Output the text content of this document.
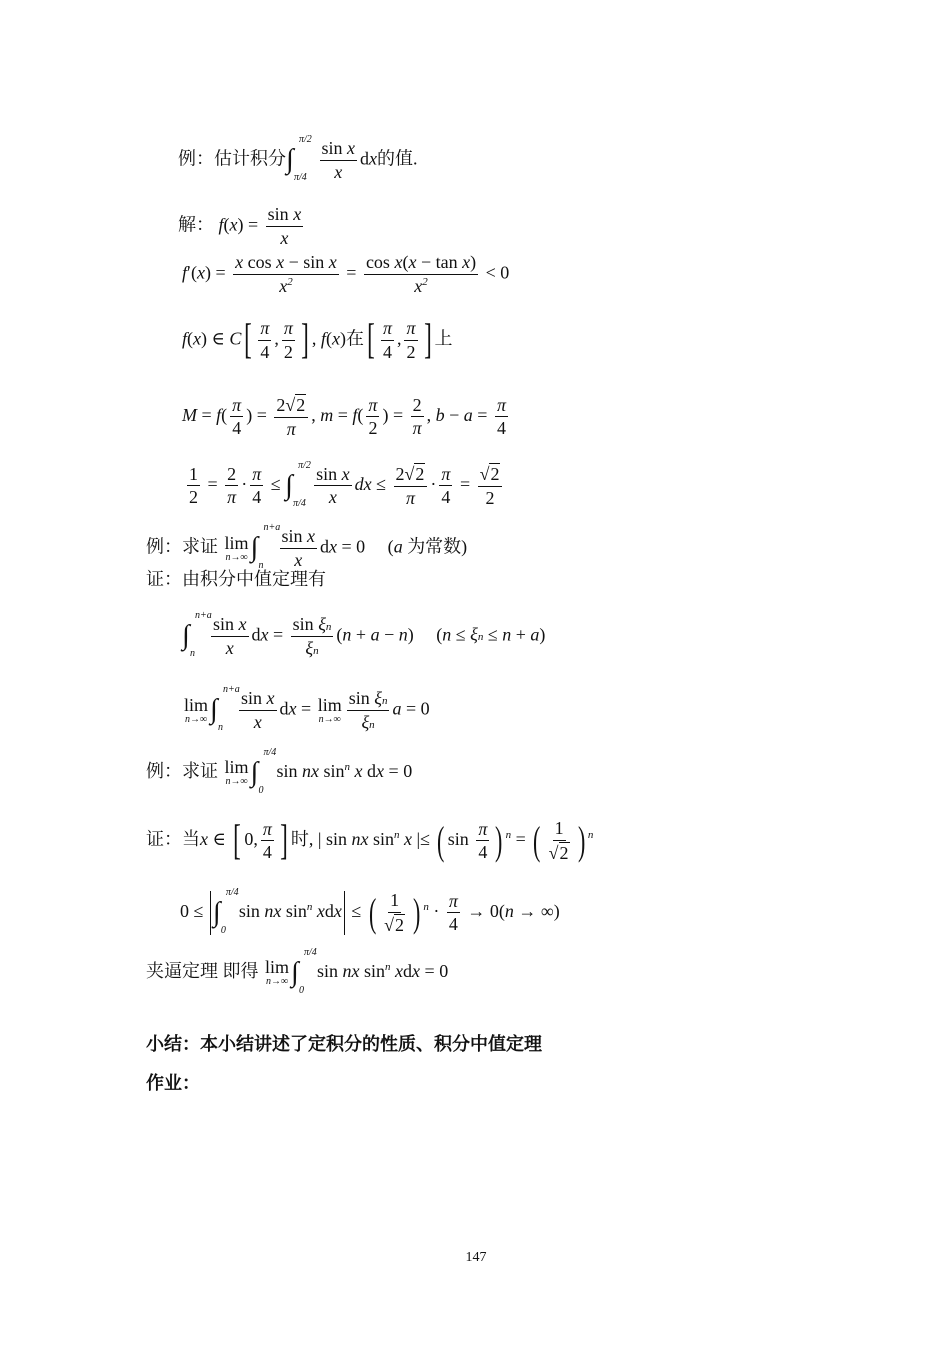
例：估计积分∫
π/2
π/4
$\frac{\text{sin x}}{x}$ dx的值.
解： $f(x) = \frac{\text{sin x}}{x}$
$f'(x) = \frac{\text{x cos x − sin x}}{x^2} = \frac{\text{cos x(x − tan x)}}{x^2} < 0$
f(x) ∈ $C[ \frac{\pi}{4}$ , $\frac{\pi}{2}$ ] , f(x)在[ $\frac{\pi}{4}$ , $\frac{\pi}{2}$ ] 上
$M = f( \frac{\pi}{4}$ ) = $\frac{2√2}{\pi}$ , $m = f( \frac{\pi}{2}$ ) = $\frac{2}{\pi}$ , $b - a = \frac{\pi}{4}$
$\frac{1}{2} = \frac{2}{\pi} \cdot \frac{\pi}{4}$ ≤ ∫
π/2
$\pi/4 \frac{\text{sin x}}{x}$ dx ≤ $\frac{2√2}{\pi} \cdot \frac{\pi}{4} = \frac{√2}{2}$
例：求证 lim
n→∞ ∫
n+a
n $\frac{\text{sin x}}{x}$ dx = 0     (a 为常数)
证：由积分中值定理有
∫
n+a
n $\frac{\text{sin x}}{x}$ dx = $\frac{\text{sin ξn}}{\xi n} (n + a - n)$     (n ≤ ξn ≤ n + a)
lim
n→∞ ∫
n+a
n $\frac{\text{sin x}}{x}$ dx = lim
$n\to\infty \frac{\text{sin ξn}}{\xi n}$ a = 0
例：求证 lim
n→∞ ∫
π/4
0
sin nx $\sin^n x$ dx = 0
证：当x ∈ [ 0, $\frac{\pi}{4}$ ] 时, | sin nx $\sin^n x$ |≤ ( $\sin \frac{\pi}{4}$ ) $^n$ = ( $\frac{1}{√2}$ ) $^n$
0 ≤ ∫
π/4
0
sin nx $\sin^n$ xdx ≤ ( $\frac{1}{√2}$ ) $^n \cdot \frac{\pi}{4} \to 0(n$ → ∞)
夹逼定理 即得 lim
n→∞ ∫
π/4
0
sin nx $\sin^n$ xdx = 0
小结：本小结讲述了定积分的性质、积分中值定理
作业：
147
